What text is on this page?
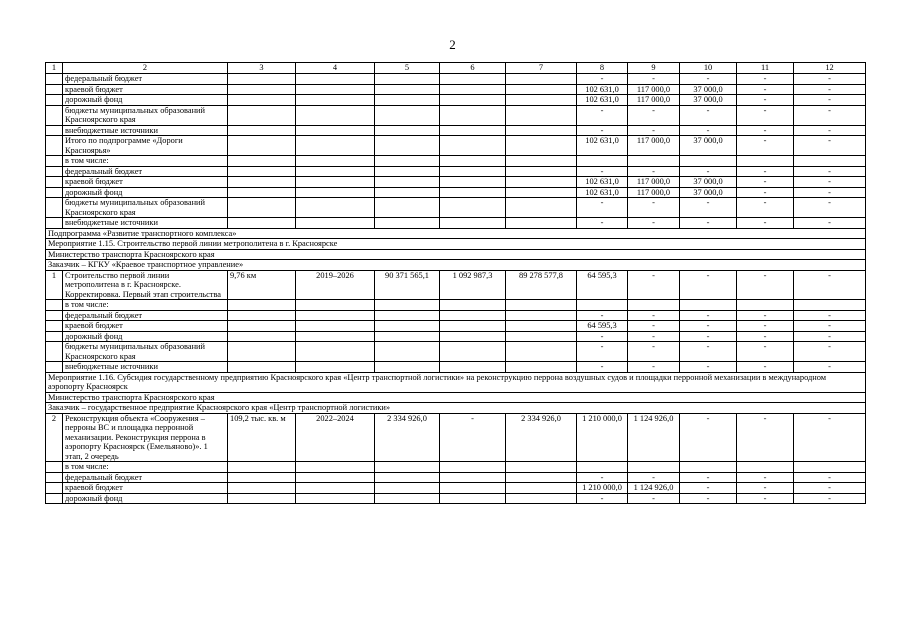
2
1	2	3	4	5	6	7	8	9	10	11	12
	федеральный бюджет						-	-	-	-	-
	краевой бюджет						102 631,0	117 000,0	37 000,0	-	-
	дорожный фонд						102 631,0	117 000,0	37 000,0	-	-
	бюджеты муниципальных образований Красноярского края						-	-	-	-	-
	внебюджетные источники						-	-	-	-	-
	Итого по подпрограмме «Дороги Красноярья»						102 631,0	117 000,0	37 000,0	-	-
	в том числе:										
	федеральный бюджет						-	-	-	-	-
	краевой бюджет						102 631,0	117 000,0	37 000,0	-	-
	дорожный фонд						102 631,0	117 000,0	37 000,0	-	-
	бюджеты муниципальных образований Красноярского края						-	-	-	-	-
	внебюджетные источники						-	-	-	-	-
Подпрограмма «Развитие транспортного комплекса»											
Мероприятие 1.15. Строительство первой линии метрополитена в г. Красноярске											
Министерство транспорта Красноярского края											
Заказчик – КГКУ «Краевое транспортное управление»											
1	Строительство первой линии метрополитена в г. Красноярске. Корректировка. Первый этап строительства	9,76 км	2019–2026	90 371 565,1	1 092 987,3	89 278 577,8	64 595,3	-	-	-	-
	в том числе:										
	федеральный бюджет						-	-	-	-	-
	краевой бюджет						64 595,3	-	-	-	-
	дорожный фонд						-	-	-	-	-
	бюджеты муниципальных образований Красноярского края						-	-	-	-	-
	внебюджетные источники						-	-	-	-	-
Мероприятие 1.16. Субсидия государственному предприятию Красноярского края «Центр транспортной логистики» на реконструкцию перрона воздушных судов и площадки перронной механизации в международном аэропорту Красноярск											
Министерство транспорта Красноярского края											
Заказчик – государственное предприятие Красноярского края «Центр транспортной логистики»											
2	Реконструкция объекта «Сооружения – перроны ВС и площадка перронной механизации. Реконструкция перрона в аэропорту Красноярск (Емельяново)». 1 этап, 2 очередь	109,2 тыс. кв. м	2022–2024	2 334 926,0	-	2 334 926,0	1 210 000,0	1 124 926,0	-	-	-
	в том числе:										
	федеральный бюджет						-	-	-	-	-
	краевой бюджет						1 210 000,0	1 124 926,0	-	-	-
	дорожный фонд						-	-	-	-	-
